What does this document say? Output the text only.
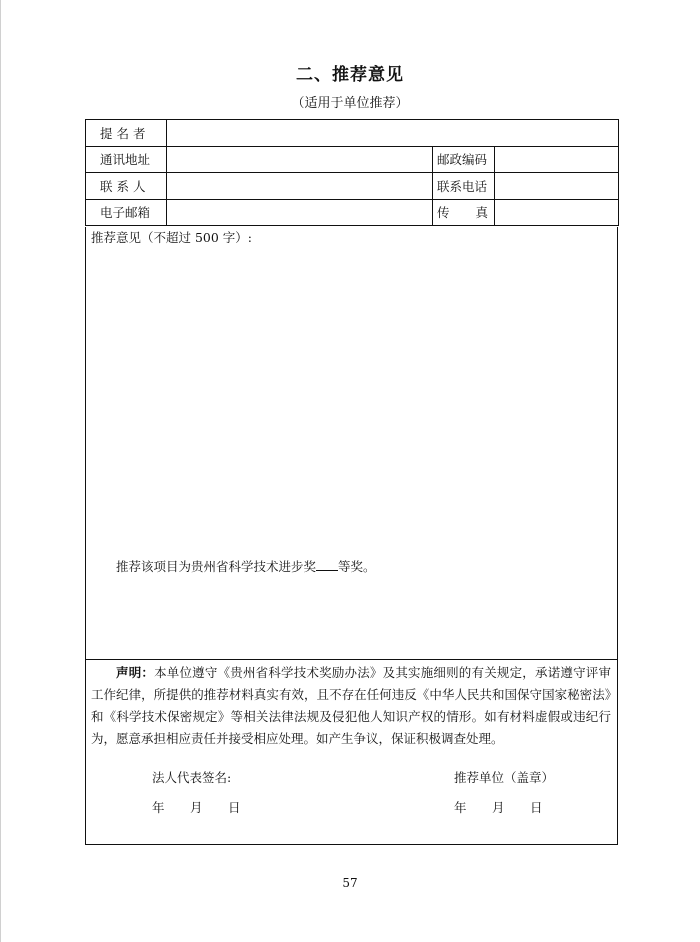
二、推荐意见
（适用于单位推荐）
提 名 者			
通讯地址		邮政编码	
联 系 人		联系电话	
电子邮箱		传 真	
推荐意见（不超过 500 字）:
推荐该项目为贵州省科学技术进步奖 等奖。
声明：本单位遵守《贵州省科学技术奖励办法》及其实施细则的有关规定，承诺遵守评审工作纪律，所提供的推荐材料真实有效，且不存在任何违反《中华人民共和国保守国家秘密法》和《科学技术保密规定》等相关法律法规及侵犯他人知识产权的情形。如有材料虚假或违纪行为，愿意承担相应责任并接受相应处理。如产生争议，保证积极调查处理。
法人代表签名:	推荐单位（盖章）
年 月 日	年 月 日
57
